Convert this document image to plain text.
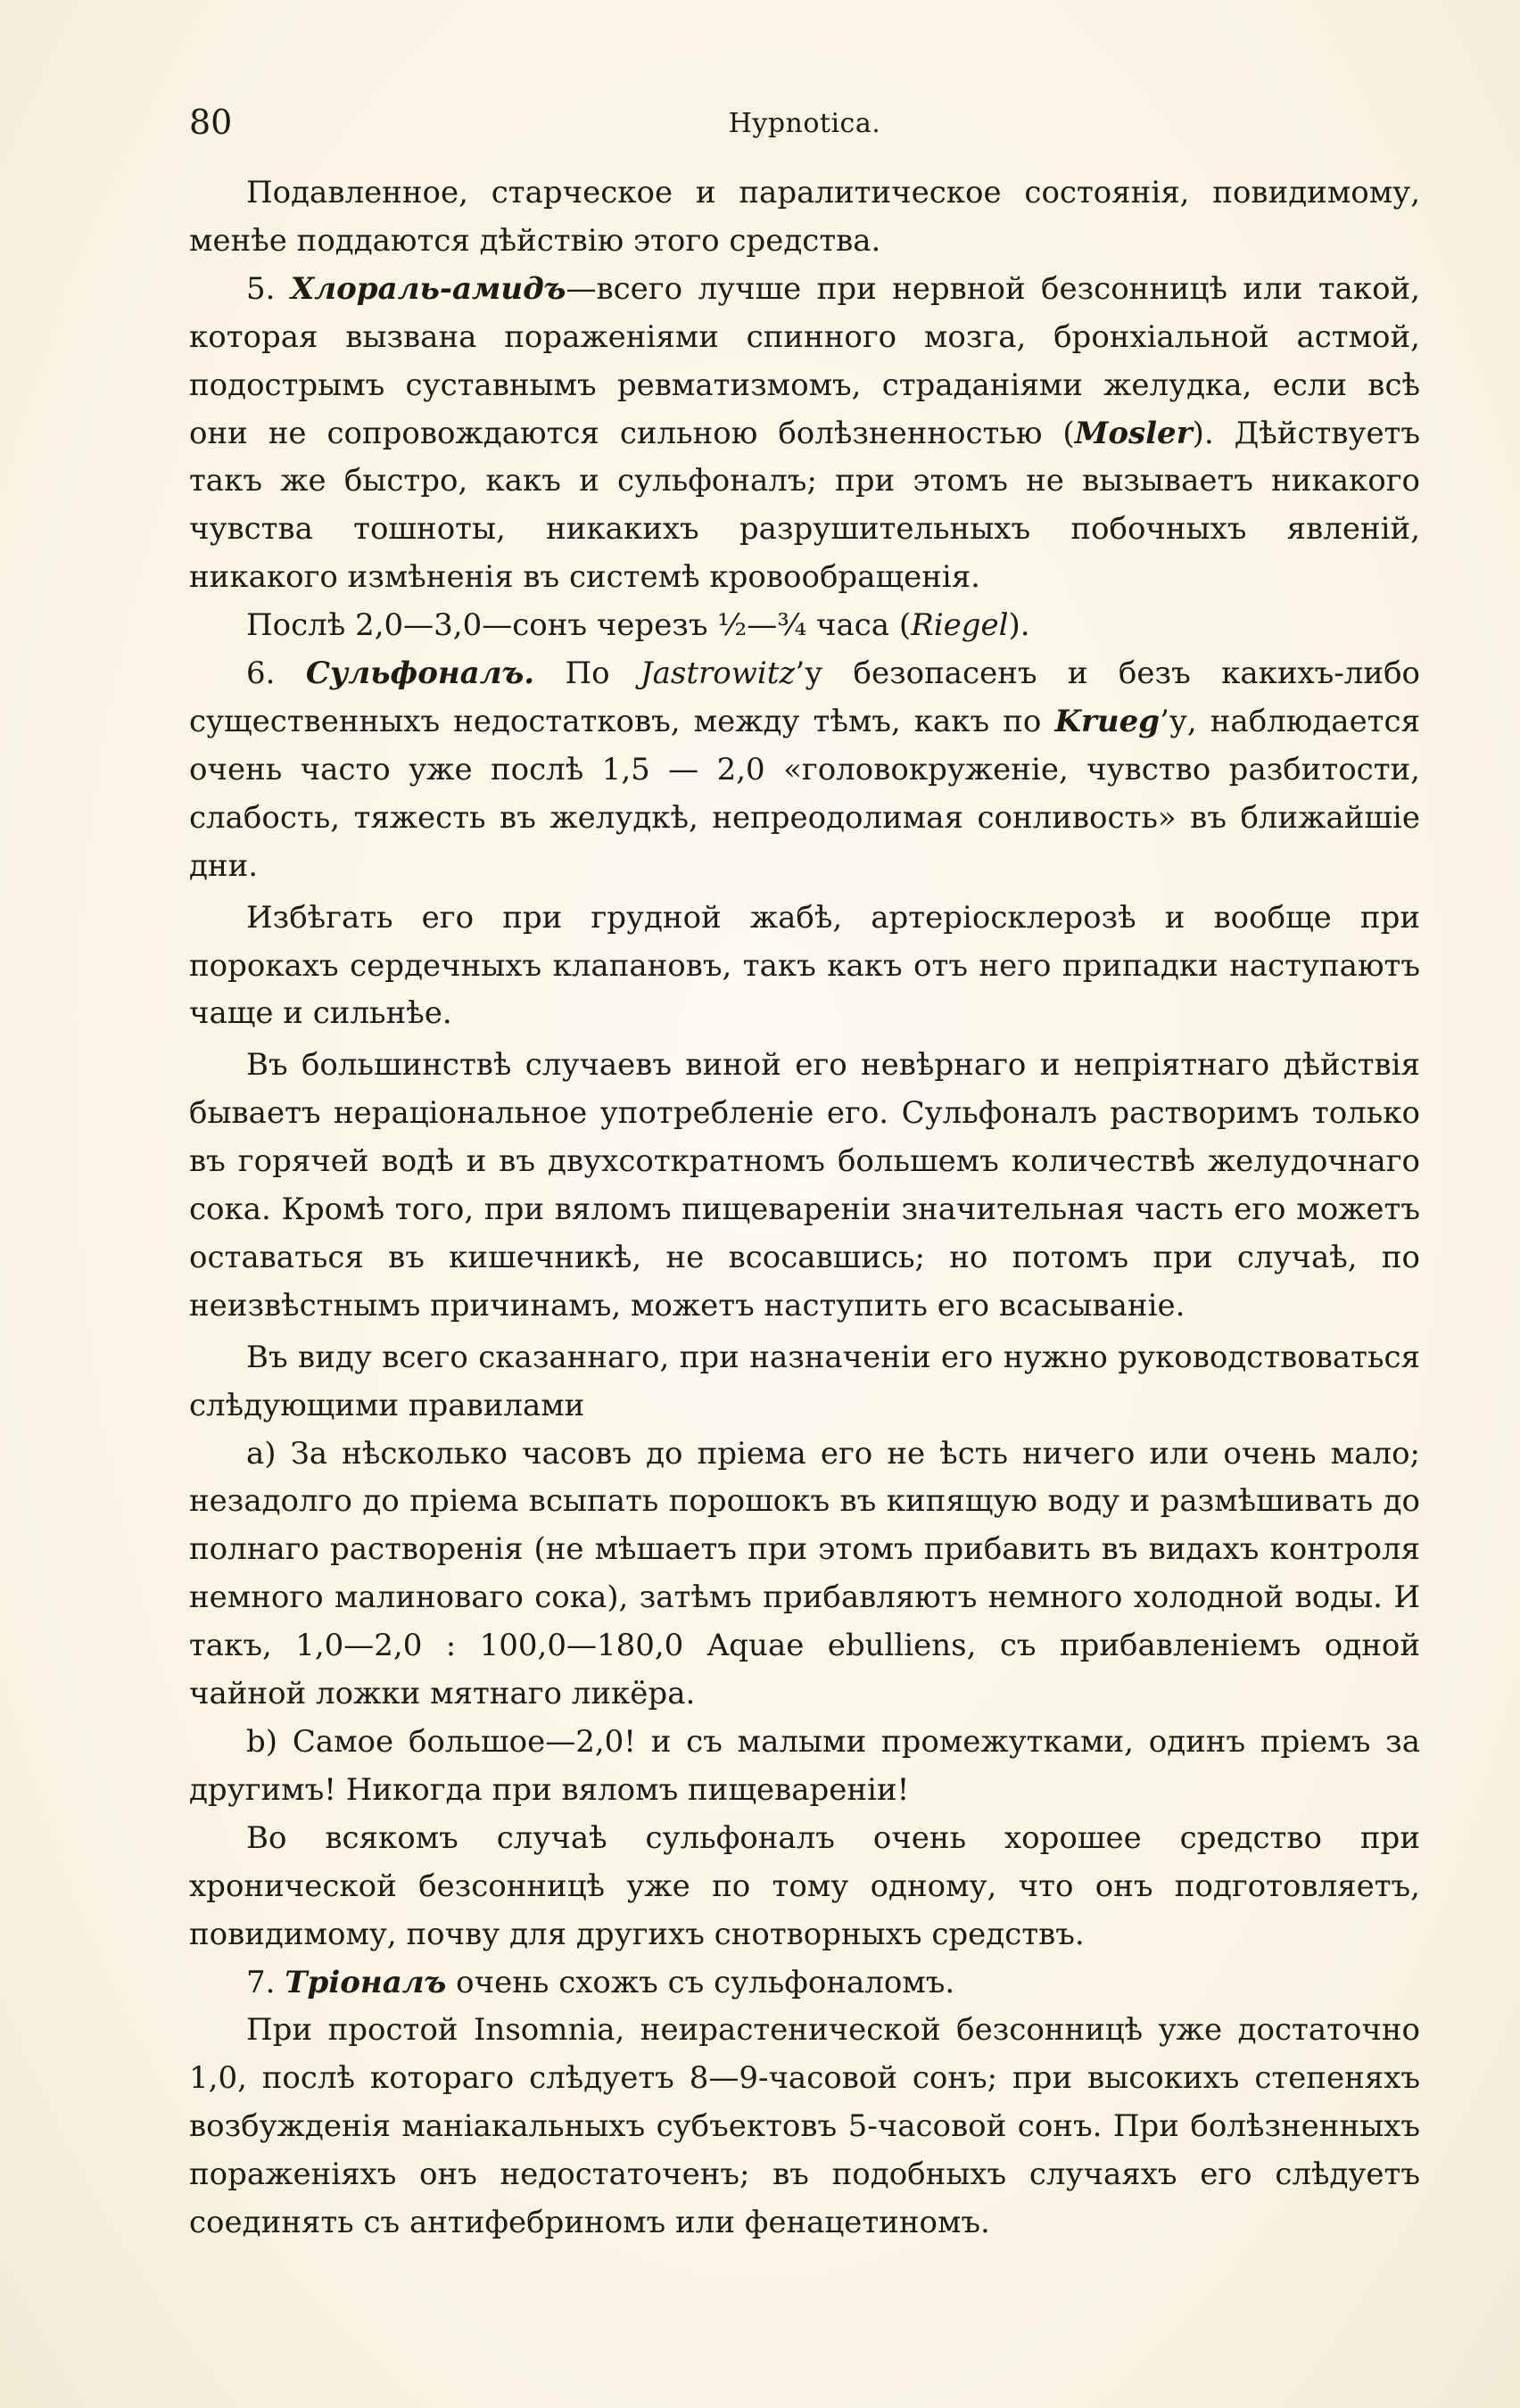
80	Hypnotica.

Подавленное, старческое и паралитическое состоянія, повидимому, менѣе поддаются дѣйствію этого средства.

5. Хлораль-амидъ—всего лучше при нервной безсонницѣ или такой, которая вызвана пораженіями спинного мозга, бронхіальной астмой, подострымъ суставнымъ ревматизмомъ, страданіями желудка, если всѣ они не сопровождаются сильною болѣзненностью (Mosler). Дѣйствуетъ такъ же быстро, какъ и сульфоналъ; при этомъ не вызываетъ никакого чувства тошноты, никакихъ разрушительныхъ побочныхъ явленій, никакого измѣненія въ системѣ кровообращенія.

Послѣ 2,0—3,0—сонъ черезъ ½—¾ часа (Riegel).

6. Сульфоналъ. По Jastrowitz’у безопасенъ и безъ какихъ-либо существенныхъ недостатковъ, между тѣмъ, какъ по Krueg’у, наблюдается очень часто уже послѣ 1,5 — 2,0 «головокруженіе, чувство разбитости, слабость, тяжесть въ желудкѣ, непреодолимая сонливость» въ ближайшіе дни.

Избѣгать его при грудной жабѣ, артеріосклерозѣ и вообще при порокахъ сердечныхъ клапановъ, такъ какъ отъ него припадки наступаютъ чаще и сильнѣе.

Въ большинствѣ случаевъ виной его невѣрнаго и непріятнаго дѣйствія бываетъ нераціональное употребленіе его. Сульфоналъ растворимъ только въ горячей водѣ и въ двухсоткратномъ большемъ количествѣ желудочнаго сока. Кромѣ того, при вяломъ пищевареніи значительная часть его можетъ оставаться въ кишечникѣ, не всосавшись; но потомъ при случаѣ, по неизвѣстнымъ причинамъ, можетъ наступить его всасываніе.

Въ виду всего сказаннаго, при назначеніи его нужно руководствоваться слѣдующими правилами

a) За нѣсколько часовъ до пріема его не ѣсть ничего или очень мало; незадолго до пріема всыпать порошокъ въ кипящую воду и размѣшивать до полнаго растворенія (не мѣшаетъ при этомъ прибавить въ видахъ контроля немного малиноваго сока), затѣмъ прибавляютъ немного холодной воды. И такъ, 1,0—2,0 : 100,0—180,0 Aquae ebulliens, съ прибавленіемъ одной чайной ложки мятнаго ликёра.

b) Самое большое—2,0! и съ малыми промежутками, одинъ пріемъ за другимъ! Никогда при вяломъ пищевареніи!

Во всякомъ случаѣ сульфоналъ очень хорошее средство при хронической безсонницѣ уже по тому одному, что онъ подготовляетъ, повидимому, почву для другихъ снотворныхъ средствъ.

7. Тріоналъ очень схожъ съ сульфоналомъ.

При простой Insomnia, неирастенической безсонницѣ уже достаточно 1,0, послѣ котораго слѣдуетъ 8—9-часовой сонъ; при высокихъ степеняхъ возбужденія маніакальныхъ субъектовъ 5-часовой сонъ. При болѣзненныхъ пораженіяхъ онъ недостаточенъ; въ подобныхъ случаяхъ его слѣдуетъ соединять съ антифебриномъ или фенацетиномъ.
